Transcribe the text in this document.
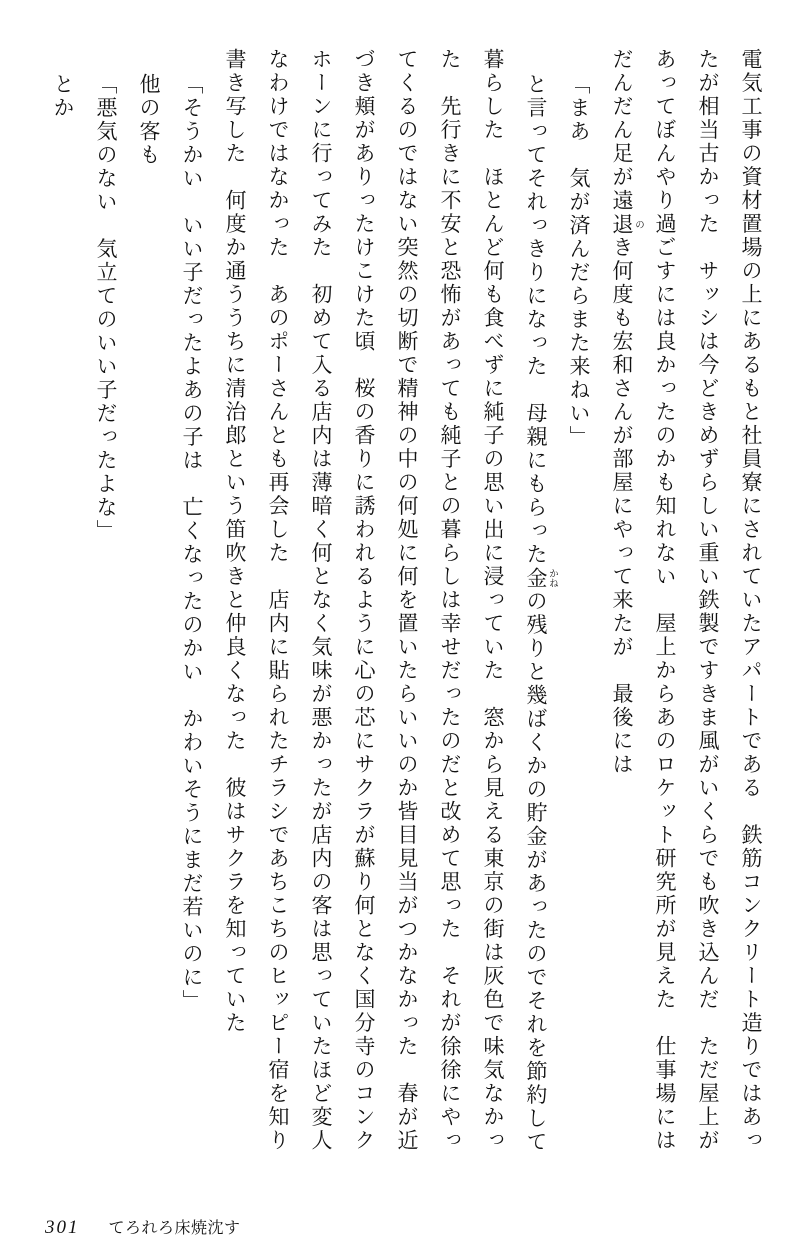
電気工事の資材置場の上にあるもと社員寮にされていたアパートである　鉄筋コンクリート造りではあっ

たが相当古かった　サッシは今どきめずらしい重い鉄製ですきま風がいくらでも吹き込んだ　ただ屋上が

あってぼんやり過ごすには良かったのかも知れない　屋上からあのロケット研究所が見えた　仕事場には

だんだん足が遠退 のき何度も宏和さんが部屋にやって来たが　最後には

「まあ　気が済んだらまた来ねい」

と言ってそれっきりになった　母親にもらった金 かねの残りと幾ばくかの貯金があったのでそれを節約して

暮らした　ほとんど何も食べずに純子の思い出に浸っていた　窓から見える東京の街は灰色で味気なかっ

た　先行きに不安と恐怖があっても純子との暮らしは幸せだったのだと改めて思った　それが徐徐にやっ

てくるのではない突然の切断で精神の中の何処に何を置いたらいいのか皆目見当がつかなかった　春が近

づき頬がありったけこけた頃　桜の香りに誘われるように心の芯にサクラが蘇り何となく国分寺のコンク

ホーンに行ってみた　初めて入る店内は薄暗く何となく気味が悪かったが店内の客は思っていたほど変人

なわけではなかった　あのポーさんとも再会した　店内に貼られたチラシであちこちのヒッピー宿を知り

書き写した　何度か通ううちに清治郎という笛吹きと仲良くなった　彼はサクラを知っていた

「そうかい　いい子だったよあの子は　亡くなったのかい　かわいそうにまだ若いのに」

他の客も

「悪気のない　気立てのいい子だったよな」

とか

301 てろれろ床焼沈す
